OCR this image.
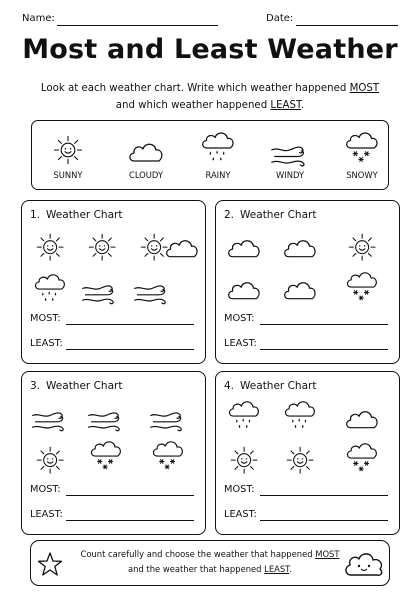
Name:	Date:
Most and Least Weather
Look at each weather chart. Write which weather happened MOST
and which weather happened LEAST.
SUNNY	CLOUDY	RAINY	WINDY	SNOWY
1. Weather Chart
MOST:
LEAST:
2. Weather Chart
MOST:
LEAST:
3. Weather Chart
MOST:
LEAST:
4. Weather Chart
MOST:
LEAST:
Count carefully and choose the weather that happened MOST
and the weather that happened LEAST.
